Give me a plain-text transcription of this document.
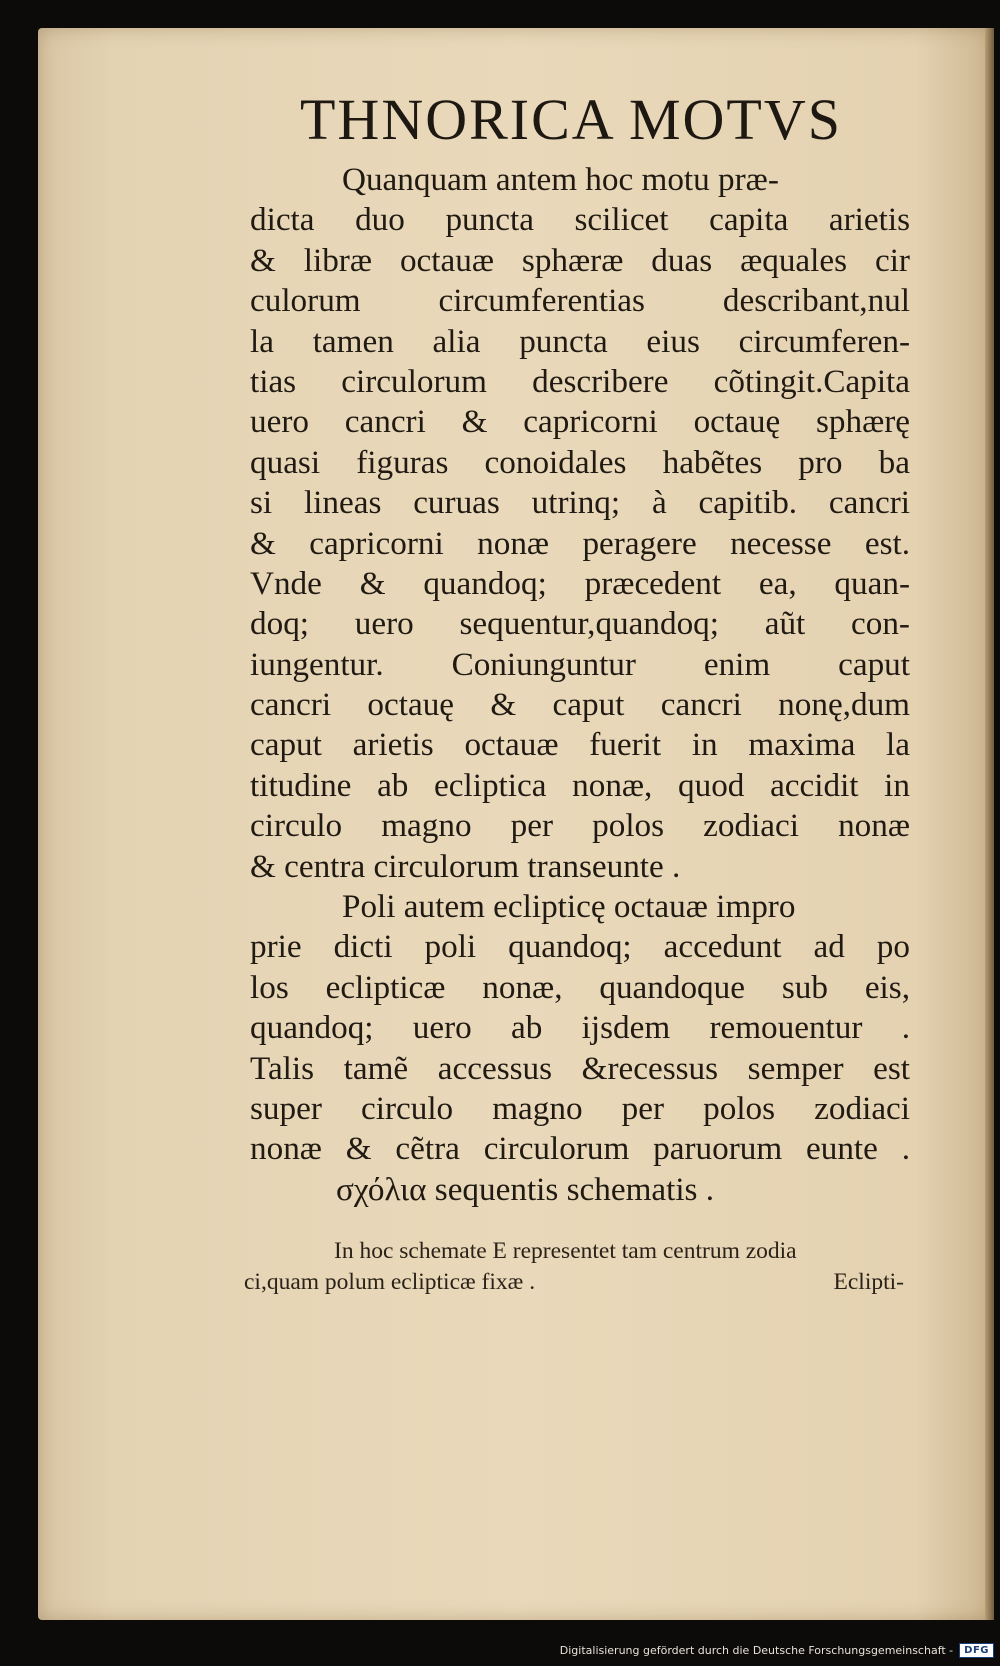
THNORICA MOTVS
Quanquam antem hoc motu præ-
dicta duo puncta scilicet capita arietis
& libræ octauæ sphæræ duas æquales cir
culorum circumferentias describant,nul
la tamen alia puncta eius circumferen-
tias circulorum describere cõtingit.Capita
uero cancri & capricorni octauę sphærę
quasi figuras conoidales habẽtes pro ba
si lineas curuas utrinq; à capitib. cancri
& capricorni nonæ peragere necesse est.
Vnde & quandoq; præcedent ea, quan-
doq; uero sequentur,quandoq; aũt con-
iungentur. Coniunguntur enim caput
cancri octauę & caput cancri nonę,dum
caput arietis octauæ fuerit in maxima la
titudine ab ecliptica nonæ, quod accidit in
circulo magno per polos zodiaci nonæ
& centra circulorum transeunte .
Poli autem eclipticę octauæ impro
prie dicti poli quandoq; accedunt ad po
los eclipticæ nonæ, quandoque sub eis,
quandoq; uero ab ijsdem remouentur .
Talis tamẽ accessus &recessus semper est
super circulo magno per polos zodiaci
nonæ & cẽtra circulorum paruorum eunte .
σχόλια sequentis schematis .
In hoc schemate E representet tam centrum zodia
ci,quam polum eclipticæ fixæ .	Eclipti-
Digitalisierung gefördert durch die Deutsche Forschungsgemeinschaft -	DFG
